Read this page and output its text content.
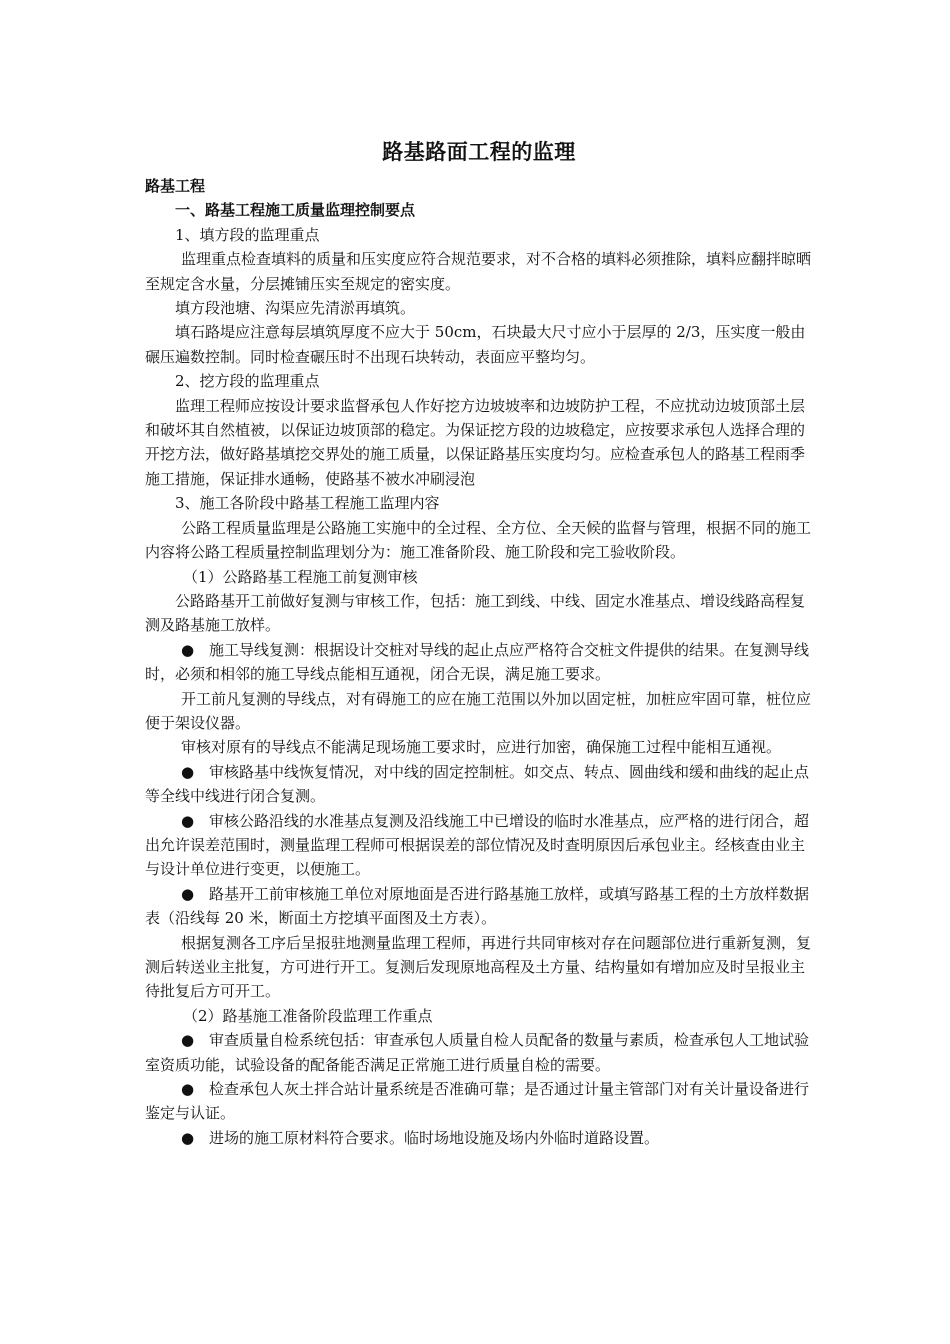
路基路面工程的监理

路基工程

一、路基工程施工质量监理控制要点

1、填方段的监理重点

监理重点检查填料的质量和压实度应符合规范要求，对不合格的填料必须推除，填料应翻拌晾晒至规定含水量，分层摊铺压实至规定的密实度。

填方段池塘、沟渠应先清淤再填筑。

填石路堤应注意每层填筑厚度不应大于 50cm，石块最大尺寸应小于层厚的 2/3，压实度一般由碾压遍数控制。同时检查碾压时不出现石块转动，表面应平整均匀。

2、挖方段的监理重点

监理工程师应按设计要求监督承包人作好挖方边坡坡率和边坡防护工程，不应扰动边坡顶部土层和破坏其自然植被，以保证边坡顶部的稳定。为保证挖方段的边坡稳定，应按要求承包人选择合理的开挖方法，做好路基填挖交界处的施工质量，以保证路基压实度均匀。应检查承包人的路基工程雨季施工措施，保证排水通畅，使路基不被水冲刷浸泡

3、施工各阶段中路基工程施工监理内容

公路工程质量监理是公路施工实施中的全过程、全方位、全天候的监督与管理，根据不同的施工内容将公路工程质量控制监理划分为：施工准备阶段、施工阶段和完工验收阶段。

（1）公路路基工程施工前复测审核

公路路基开工前做好复测与审核工作，包括：施工到线、中线、固定水准基点、增设线路高程复测及路基施工放样。

● 施工导线复测：根据设计交桩对导线的起止点应严格符合交桩文件提供的结果。在复测导线时，必须和相邻的施工导线点能相互通视，闭合无误，满足施工要求。

开工前凡复测的导线点，对有碍施工的应在施工范围以外加以固定桩，加桩应牢固可靠，桩位应便于架设仪器。

审核对原有的导线点不能满足现场施工要求时，应进行加密，确保施工过程中能相互通视。

● 审核路基中线恢复情况，对中线的固定控制桩。如交点、转点、圆曲线和缓和曲线的起止点等全线中线进行闭合复测。

● 审核公路沿线的水准基点复测及沿线施工中已增设的临时水准基点，应严格的进行闭合，超出允许误差范围时，测量监理工程师可根据误差的部位情况及时查明原因后承包业主。经核查由业主与设计单位进行变更，以便施工。

● 路基开工前审核施工单位对原地面是否进行路基施工放样，或填写路基工程的土方放样数据表（沿线每 20 米，断面土方挖填平面图及土方表）。

根据复测各工序后呈报驻地测量监理工程师，再进行共同审核对存在问题部位进行重新复测，复测后转送业主批复，方可进行开工。复测后发现原地高程及土方量、结构量如有增加应及时呈报业主待批复后方可开工。

（2）路基施工准备阶段监理工作重点

● 审查质量自检系统包括：审查承包人质量自检人员配备的数量与素质，检查承包人工地试验室资质功能，试验设备的配备能否满足正常施工进行质量自检的需要。

● 检查承包人灰土拌合站计量系统是否准确可靠；是否通过计量主管部门对有关计量设备进行鉴定与认证。

● 进场的施工原材料符合要求。临时场地设施及场内外临时道路设置。
